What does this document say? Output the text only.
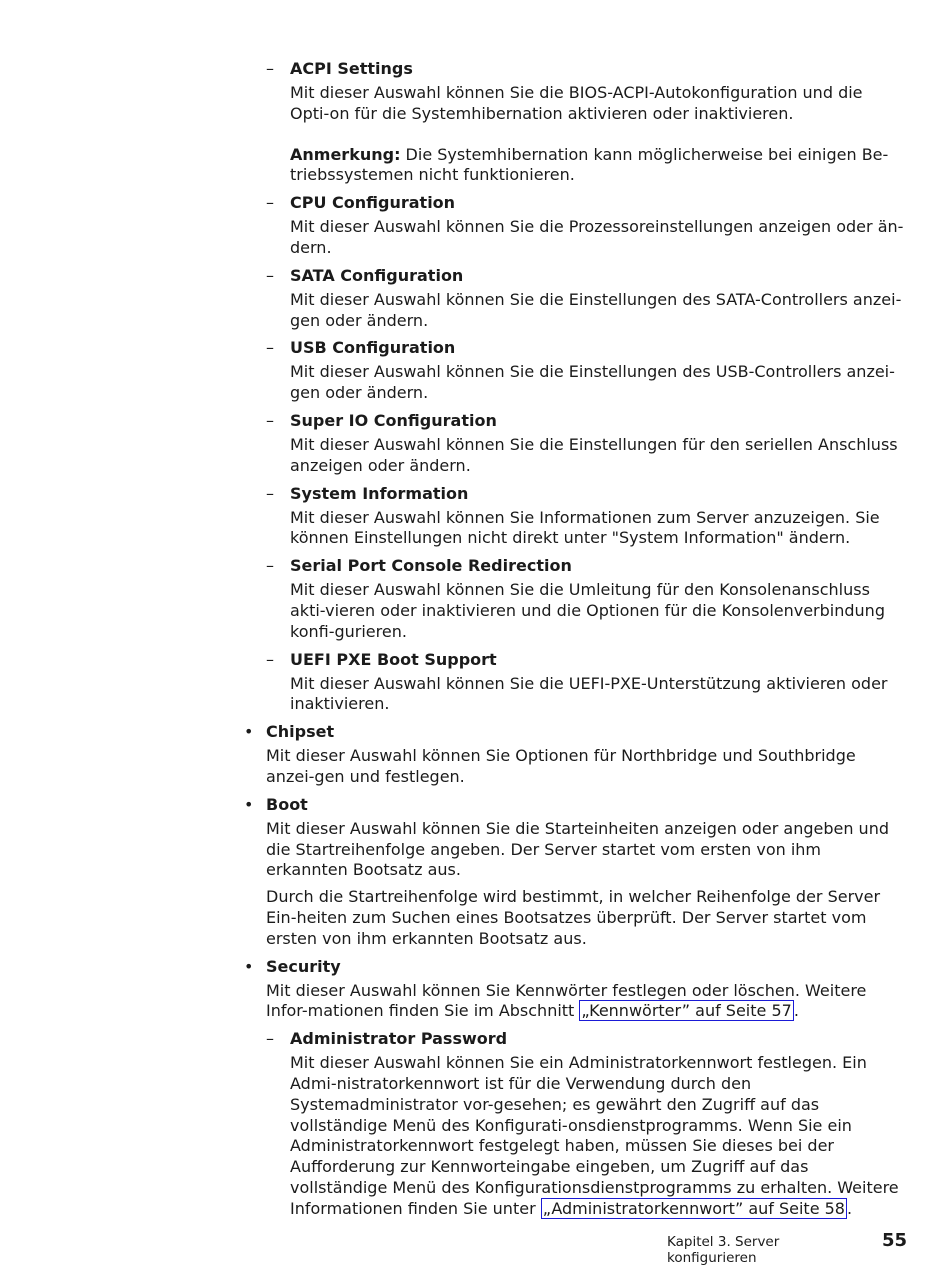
– ACPI Settings

Mit dieser Auswahl können Sie die BIOS-ACPI-Autokonfiguration und die Opti-on für die Systemhibernation aktivieren oder inaktivieren.

Anmerkung: Die Systemhibernation kann möglicherweise bei einigen Be-triebssystemen nicht funktionieren.

– CPU Configuration

Mit dieser Auswahl können Sie die Prozessoreinstellungen anzeigen oder än-dern.

– SATA Configuration

Mit dieser Auswahl können Sie die Einstellungen des SATA-Controllers anzei-gen oder ändern.

– USB Configuration

Mit dieser Auswahl können Sie die Einstellungen des USB-Controllers anzei-gen oder ändern.

– Super IO Configuration

Mit dieser Auswahl können Sie die Einstellungen für den seriellen Anschluss anzeigen oder ändern.

– System Information

Mit dieser Auswahl können Sie Informationen zum Server anzuzeigen. Sie können Einstellungen nicht direkt unter "System Information" ändern.

– Serial Port Console Redirection

Mit dieser Auswahl können Sie die Umleitung für den Konsolenanschluss akti-vieren oder inaktivieren und die Optionen für die Konsolenverbindung konfi-gurieren.

– UEFI PXE Boot Support

Mit dieser Auswahl können Sie die UEFI-PXE-Unterstützung aktivieren oder inaktivieren.

• Chipset

Mit dieser Auswahl können Sie Optionen für Northbridge und Southbridge anzei-gen und festlegen.

• Boot

Mit dieser Auswahl können Sie die Starteinheiten anzeigen oder angeben und die Startreihenfolge angeben. Der Server startet vom ersten von ihm erkannten Bootsatz aus.

Durch die Startreihenfolge wird bestimmt, in welcher Reihenfolge der Server Ein-heiten zum Suchen eines Bootsatzes überprüft. Der Server startet vom ersten von ihm erkannten Bootsatz aus.

• Security

Mit dieser Auswahl können Sie Kennwörter festlegen oder löschen. Weitere Infor-mationen finden Sie im Abschnitt „Kennwörter” auf Seite 57 .

– Administrator Password

Mit dieser Auswahl können Sie ein Administratorkennwort festlegen. Ein Admi-nistratorkennwort ist für die Verwendung durch den Systemadministrator vor-gesehen; es gewährt den Zugriff auf das vollständige Menü des Konfigurati-onsdienstprogramms. Wenn Sie ein Administratorkennwort festgelegt haben, müssen Sie dieses bei der Aufforderung zur Kennworteingabe eingeben, um Zugriff auf das vollständige Menü des Konfigurationsdienstprogramms zu erhalten. Weitere Informationen finden Sie unter „Administratorkennwort” auf Seite 58 .

Kapitel 3. Server konfigurieren
55
